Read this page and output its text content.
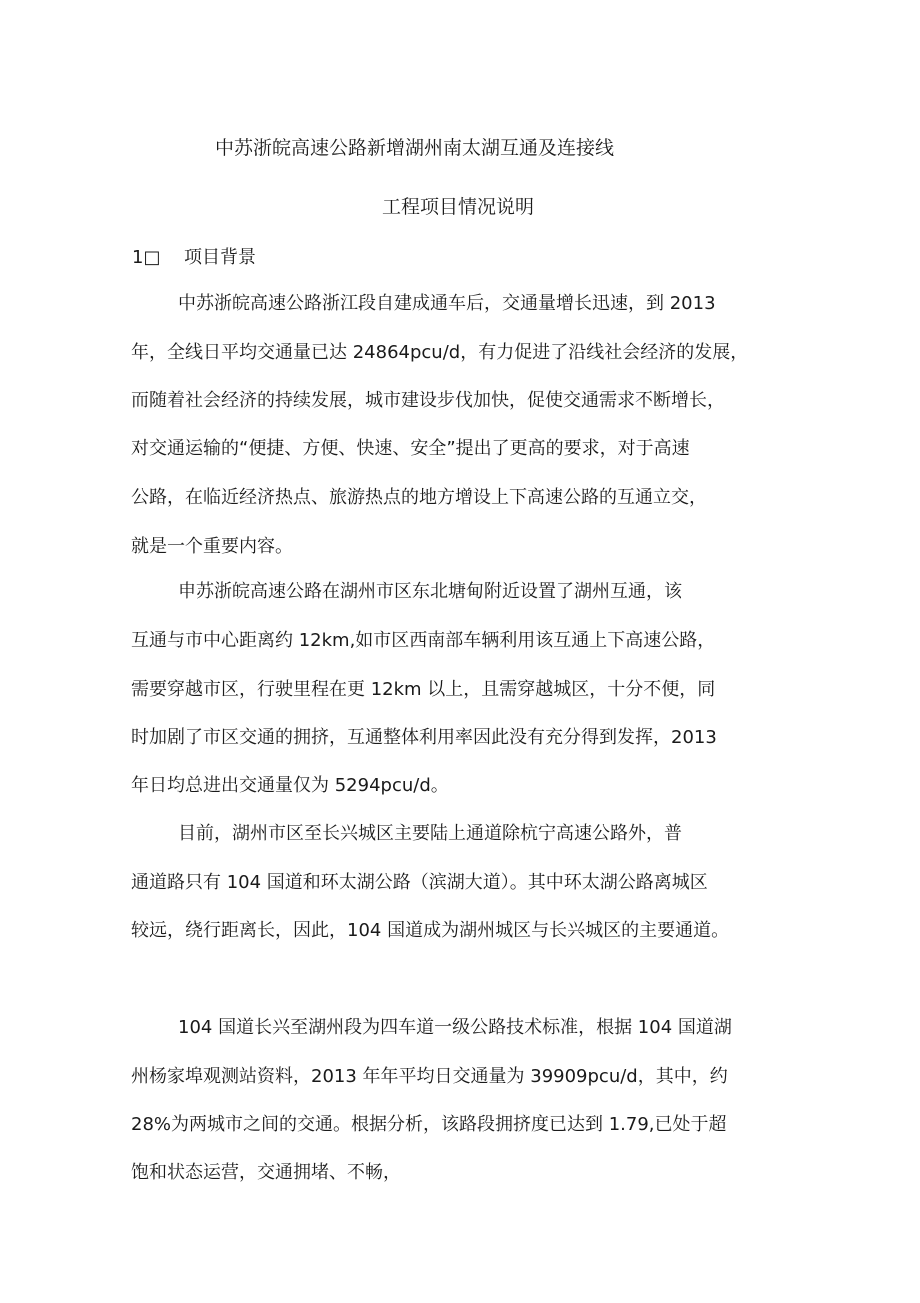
中苏浙皖高速公路新增湖州南太湖互通及连接线
工程项目情况说明
1□ 项目背景
中苏浙皖高速公路浙江段自建成通车后，交通量增长迅速，到 2013
年，全线日平均交通量已达 24864pcu/d，有力促进了沿线社会经济的发展，
而随着社会经济的持续发展，城市建设步伐加快，促使交通需求不断增长，
对交通运输的“便捷、方便、快速、安全”提出了更高的要求，对于高速
公路，在临近经济热点、旅游热点的地方增设上下高速公路的互通立交，
就是一个重要内容。
申苏浙皖高速公路在湖州市区东北塘甸附近设置了湖州互通，该
互通与市中心距离约 12km,如市区西南部车辆利用该互通上下高速公路，
需要穿越市区，行驶里程在更 12km 以上，且需穿越城区，十分不便，同
时加剧了市区交通的拥挤，互通整体利用率因此没有充分得到发挥，2013
年日均总进出交通量仅为 5294pcu/d。
目前，湖州市区至长兴城区主要陆上通道除杭宁高速公路外，普
通道路只有 104 国道和环太湖公路（滨湖大道）。其中环太湖公路离城区
较远，绕行距离长，因此，104 国道成为湖州城区与长兴城区的主要通道。
104 国道长兴至湖州段为四车道一级公路技术标准，根据 104 国道湖
州杨家埠观测站资料，2013 年年平均日交通量为 39909pcu/d，其中，约
28%为两城市之间的交通。根据分析，该路段拥挤度已达到 1.79,已处于超
饱和状态运营，交通拥堵、不畅，
